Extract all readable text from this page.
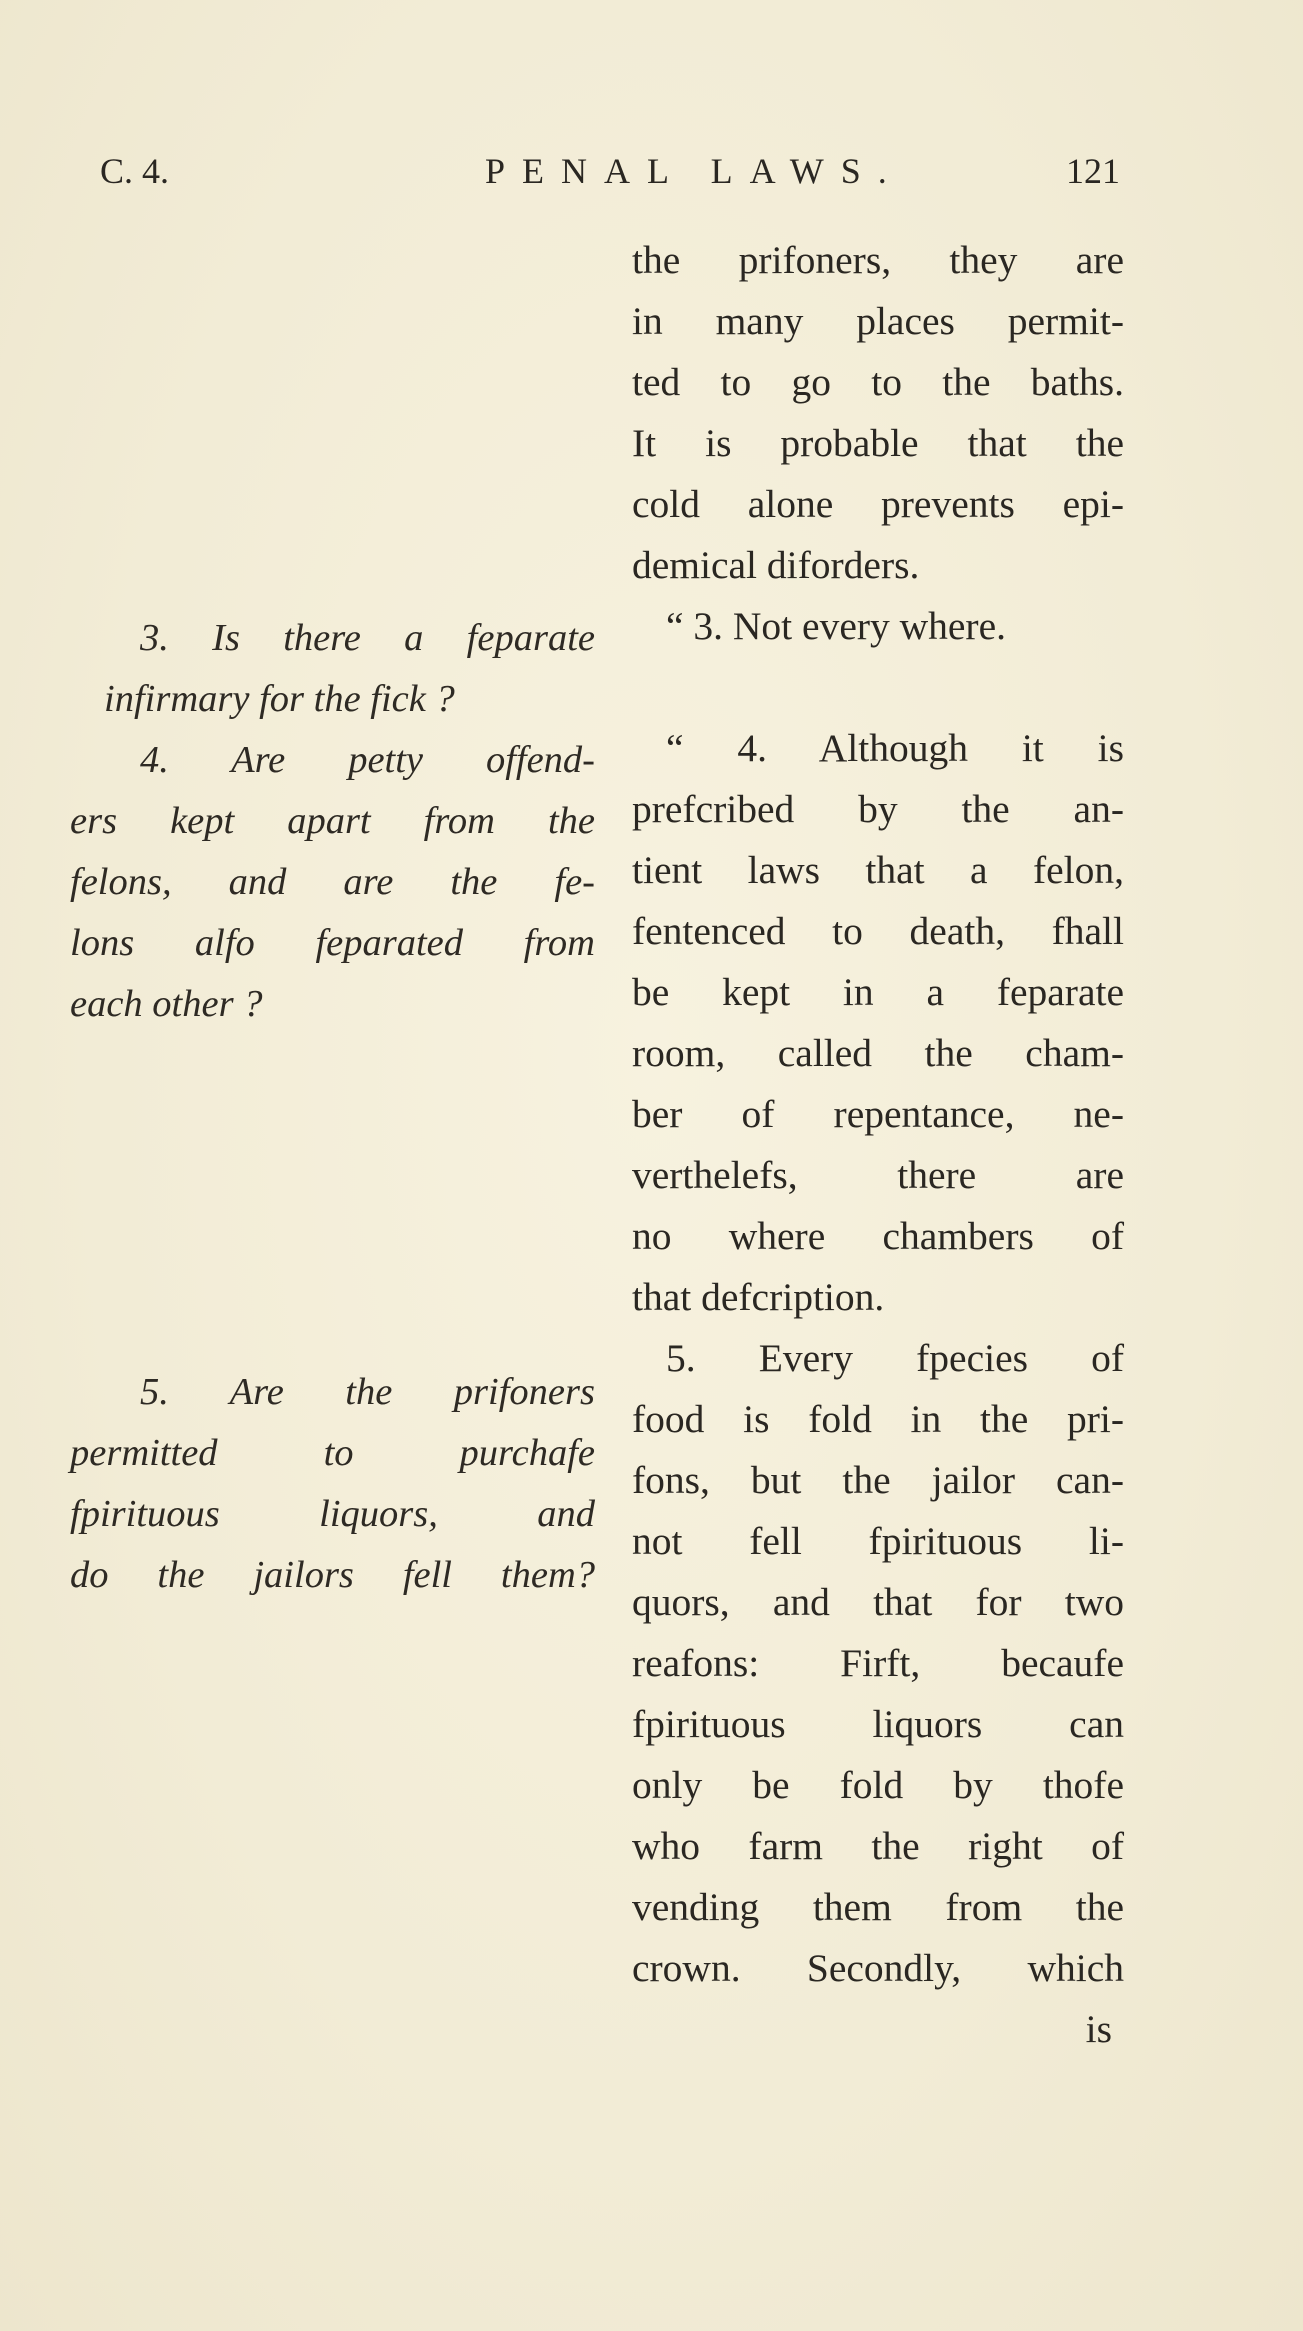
C. 4.	PENAL LAWS.	121
3. Is there a feparate
infirmary for the fick ?
4. Are petty offend-
ers kept apart from the
felons, and are the fe-
lons alfo feparated from
each other ?
5. Are the prifoners
permitted to purchafe
fpirituous liquors, and
do the jailors fell them?
the prifoners, they are
in many places permit-
ted to go to the baths.
It is probable that the
cold alone prevents epi-
demical diforders.
“ 3. Not every where.
“ 4. Although it is
prefcribed by the an-
tient laws that a felon,
fentenced to death, fhall
be kept in a feparate
room, called the cham-
ber of repentance, ne-
verthelefs, there are
no where chambers of
that defcription.
5. Every fpecies of
food is fold in the pri-
fons, but the jailor can-
not fell fpirituous li-
quors, and that for two
reafons: Firft, becaufe
fpirituous liquors can
only be fold by thofe
who farm the right of
vending them from the
crown. Secondly, which
is
